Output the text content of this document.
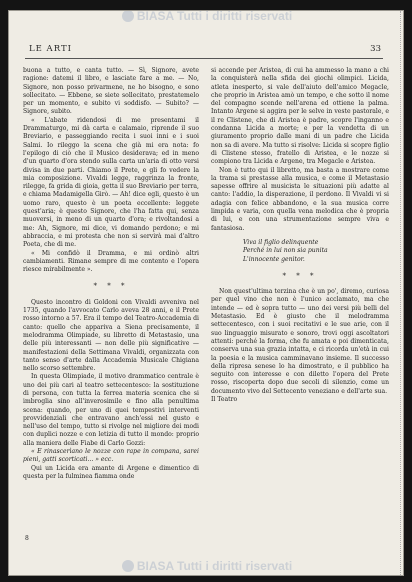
BIASA Tutti i diritti riservati
LE ARTI	33

buona a tutto, e canta tutto. — Sì, Signore, avete ragione: datemi il libro, e lasciate fare a me. — No, Signore, non posso privarmene, ne ho bisogno, e sono sollecitato. — Ebbene, se siete sollecitato, prestatemelo per un momento, e subito vi soddisfo. — Subito? — Signore, subito.

« L'abate ridendosi di me presentami il Drammaturgo, mi dà carta e calamaio, riprende il suo Breviario, e passeggiando recita i suoi inni e i suoi Salmi. Io rileggo la scena che già mi era nota: fo l'epilogo di ciò che il Musico desiderava; ed in meno d'un quarto d'ora stendo sulla carta un'aria di otto versi divisa in due parti. Chiamo il Prete, e gli fo vedere la mia composizione. Vivaldi legge, raggrinza la fronte, rilegge, fa grida di gioia, getta il suo Breviario per terra, e chiama Madamigella Girò. — Ah! dice egli, questo è un uomo raro, questo è un poeta eccellente: leggete quest'aria; è questo Signore, che l'ha fatta qui, senza muoversi, in meno di un quarto d'ora; e rivoltandosi a me: Ah, Signore, mi dice, vi domando perdono; e mi abbraccia, e mi protesta che non si servirà mai d'altro Poeta, che di me.

« Mi confidò il Dramma, e mi ordinò altri cambiamenti. Rimane sempre di me contento e l'opera riesce mirabilmente ».

* * *

Questo incontro di Goldoni con Vivaldi avveniva nel 1735, quando l'avvocato Carlo aveva 28 anni, e il Prete rosso intorno a 57. Era il tempo del Teatro-Accademia di canto: quello che appariva a Siena precisamente, il melodramma Olimpiade, su libretto di Metastasio, una delle più interessanti — non delle più significative — manifestazioni della Settimana Vivaldi, organizzata con tanto senso d'arte dalla Accademia Musicale Chigiana nello scorso settembre.

In questa Olimpiade, il motivo drammatico centrale è uno dei più cari al teatro settecentesco: la sostituzione di persona, con tutta la ferrea materia scenica che si imbroglia sino all'inverosimile e fino alla penultima scena: quando, per uno di quei tempestivi interventi provvidenziali che entravano anch'essi nel gusto e nell'uso del tempo, tutto si rivolge nel migliore dei modi con duplici nozze e con letizia di tutto il mondo: proprio alla maniera delle Fiabe di Carlo Gozzi:

« E rinascerìano le nozze con rape in compana, sarei pieni, gatti scorticati... » ecc.

Qui un Licida era amante di Argene e dimentico di questa per la fulminea fiamma onde

si accende per Aristea, di cui ha ammesso la mano a chi la conquisterà nella sfida dei giochi olimpici. Licida, atleta inesperto, si vale dell'aiuto dell'amico Megacle, che proprio in Aristea amò un tempo, e che sotto il nome del compagno scende nell'arena ed ottiene la palma. Intanto Argene si aggira per le selve in veste pastorale, e il re Clistene, che di Aristea è padre, scopre l'inganno e condanna Licida a morte; e per la vendetta di un giuramento proprio dalle mani di un padre che Licida non sa di avere. Ma tutto si risolve: Licida si scopre figlio di Clistene stesso, fratello di Aristea, e le nozze si compiono tra Licida e Argene, tra Megacle e Aristea.

Non è tutto qui il libretto, ma basta a mostrare come la trama si prestasse alla musica, e come il Metastasio sapesse offrire al musicista le situazioni più adatte al canto: l'addio, la disperazione, il perdono. Il Vivaldi vi si adagia con felice abbandono, e la sua musica corre limpida e varia, con quella vena melodica che è propria di lui, e con una strumentazione sempre viva e fantasiosa.

Viva il figlio delinquente
Perché in lui non sia punita
L'innocente genitor.

* * *

Non quest'ultima terzina che è un po', diremo, curiosa per quel vino che non è l'unico acclamato, ma che intende — ed è sopra tutto — uno dei versi più belli del Metastasio. Ed è giusto che il melodramma settecentesco, con i suoi recitativi e le sue arie, con il suo linguaggio misurato e sonoro, trovi oggi ascoltatori attenti: perché la forma, che fu amata e poi dimenticata, conserva una sua grazia intatta, e ci ricorda un'età in cui la poesia e la musica camminavano insieme. Il successo della ripresa senese lo ha dimostrato, e il pubblico ha seguito con interesse e con diletto l'opera del Prete rosso, riscoperta dopo due secoli di silenzio, come un documento vivo del Settecento veneziano e dell'arte sua.

Il Teatro

8
BIASA Tutti i diritti riservati
